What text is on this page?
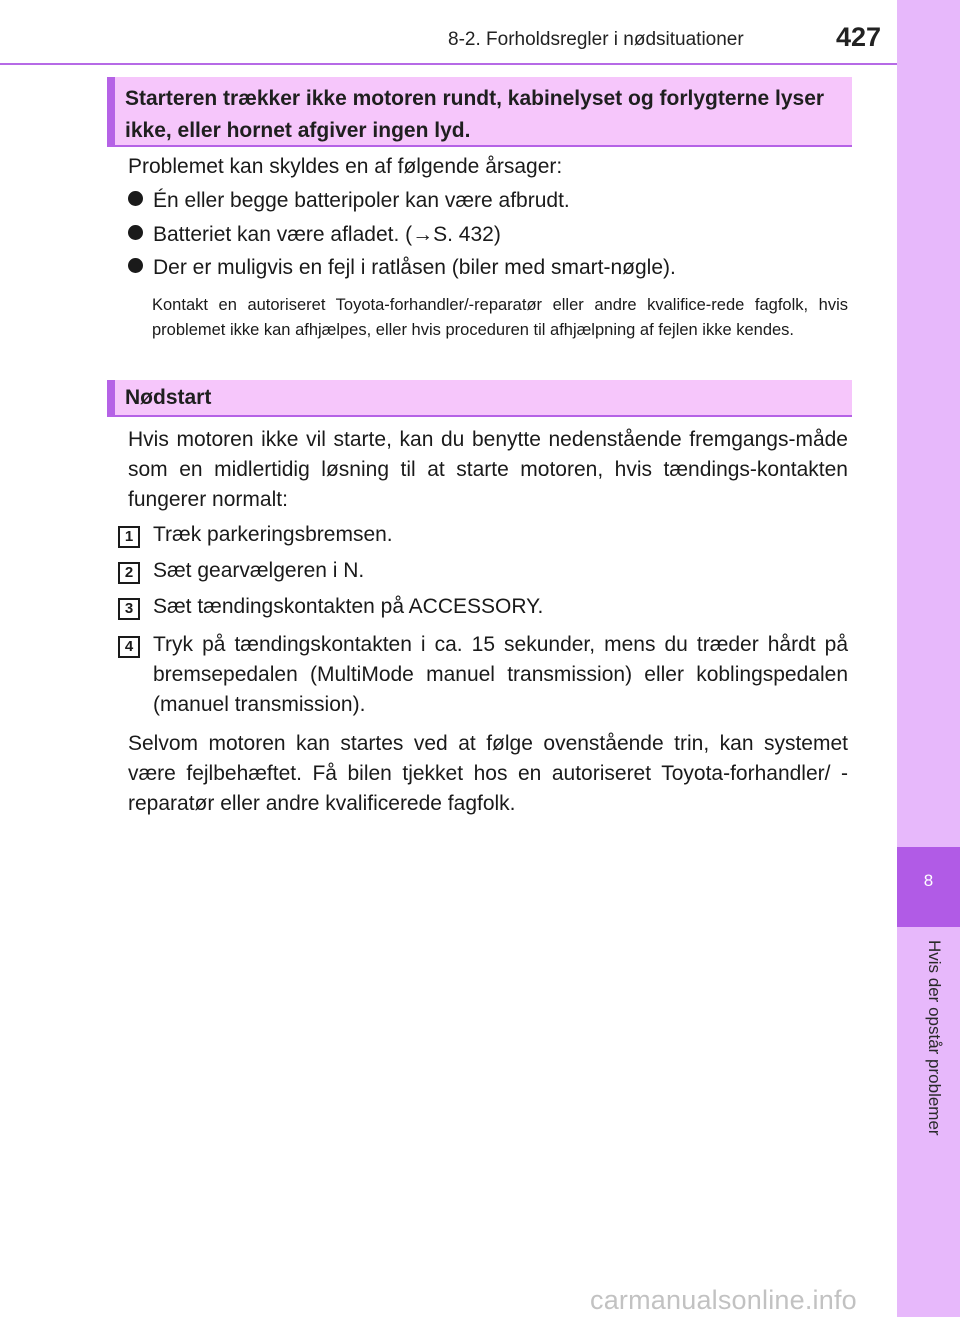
8-2. Forholdsregler i nødsituationer	427
8
Hvis der opstår problemer
Starteren trækker ikke motoren rundt, kabinelyset og forlygterne lyser ikke, eller hornet afgiver ingen lyd.
Problemet kan skyldes en af følgende årsager:
Én eller begge batteripoler kan være afbrudt.
Batteriet kan være afladet. (→S. 432)
Der er muligvis en fejl i ratlåsen (biler med smart-nøgle).
Kontakt en autoriseret Toyota-forhandler/-reparatør eller andre kvalifice-rede fagfolk, hvis problemet ikke kan afhjælpes, eller hvis proceduren til afhjælpning af fejlen ikke kendes.
Nødstart
Hvis motoren ikke vil starte, kan du benytte nedenstående fremgangs-måde som en midlertidig løsning til at starte motoren, hvis tændings-kontakten fungerer normalt:
1 Træk parkeringsbremsen.
2 Sæt gearvælgeren i N.
3 Sæt tændingskontakten på ACCESSORY.
4 Tryk på tændingskontakten i ca. 15 sekunder, mens du træder hårdt på bremsepedalen (MultiMode manuel transmission) eller koblingspedalen (manuel transmission).
Selvom motoren kan startes ved at følge ovenstående trin, kan systemet være fejlbehæftet. Få bilen tjekket hos en autoriseret Toyota-forhandler/ -reparatør eller andre kvalificerede fagfolk.
carmanualsonline.info
